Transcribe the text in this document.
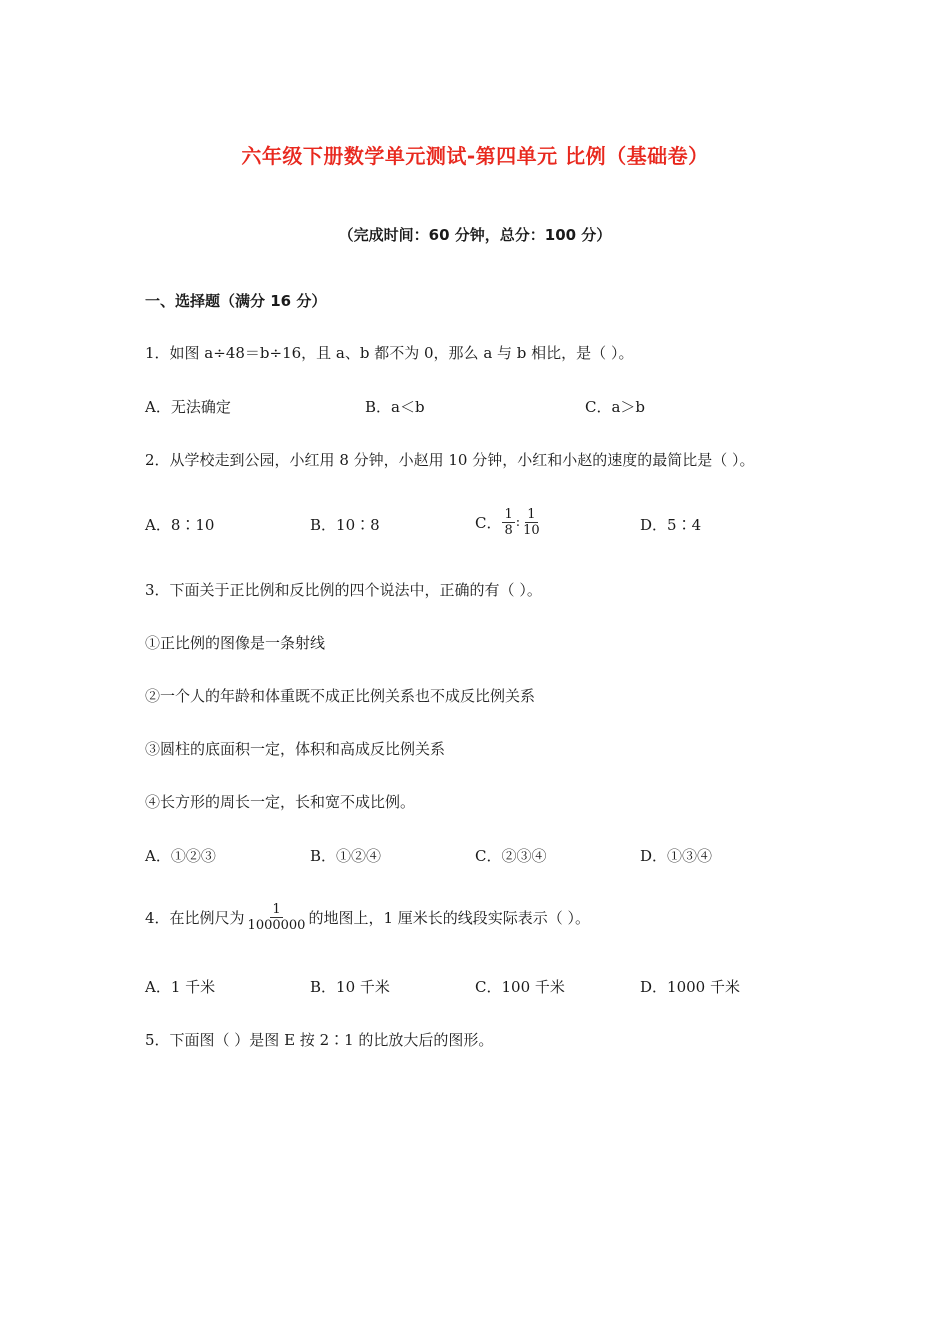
六年级下册数学单元测试-第四单元 比例（基础卷）
（完成时间：60 分钟，总分：100 分）
一、选择题（满分 16 分）
1．如图 a÷48＝b÷16，且 a、b 都不为 0，那么 a 与 b 相比，是（ ）。
A．无法确定	B．a＜b	C．a＞b
2．从学校走到公园，小红用 8 分钟，小赵用 10 分钟，小红和小赵的速度的最简比是（ ）。
A．8∶10	B．10∶8	C． $\frac{1}{8}$ : $\frac{1}{10}$	D．5∶4
3．下面关于正比例和反比例的四个说法中，正确的有（ ）。
①正比例的图像是一条射线
②一个人的年龄和体重既不成正比例关系也不成反比例关系
③圆柱的底面积一定，体积和高成反比例关系
④长方形的周长一定，长和宽不成比例。
A．①②③	B．①②④	C．②③④	D．①③④
4．在比例尺为 $\frac{1}{1000000}$ 的地图上，1 厘米长的线段实际表示（ ）。
A．1 千米	B．10 千米	C．100 千米	D．1000 千米
5．下面图（ ）是图 E 按 2∶1 的比放大后的图形。
